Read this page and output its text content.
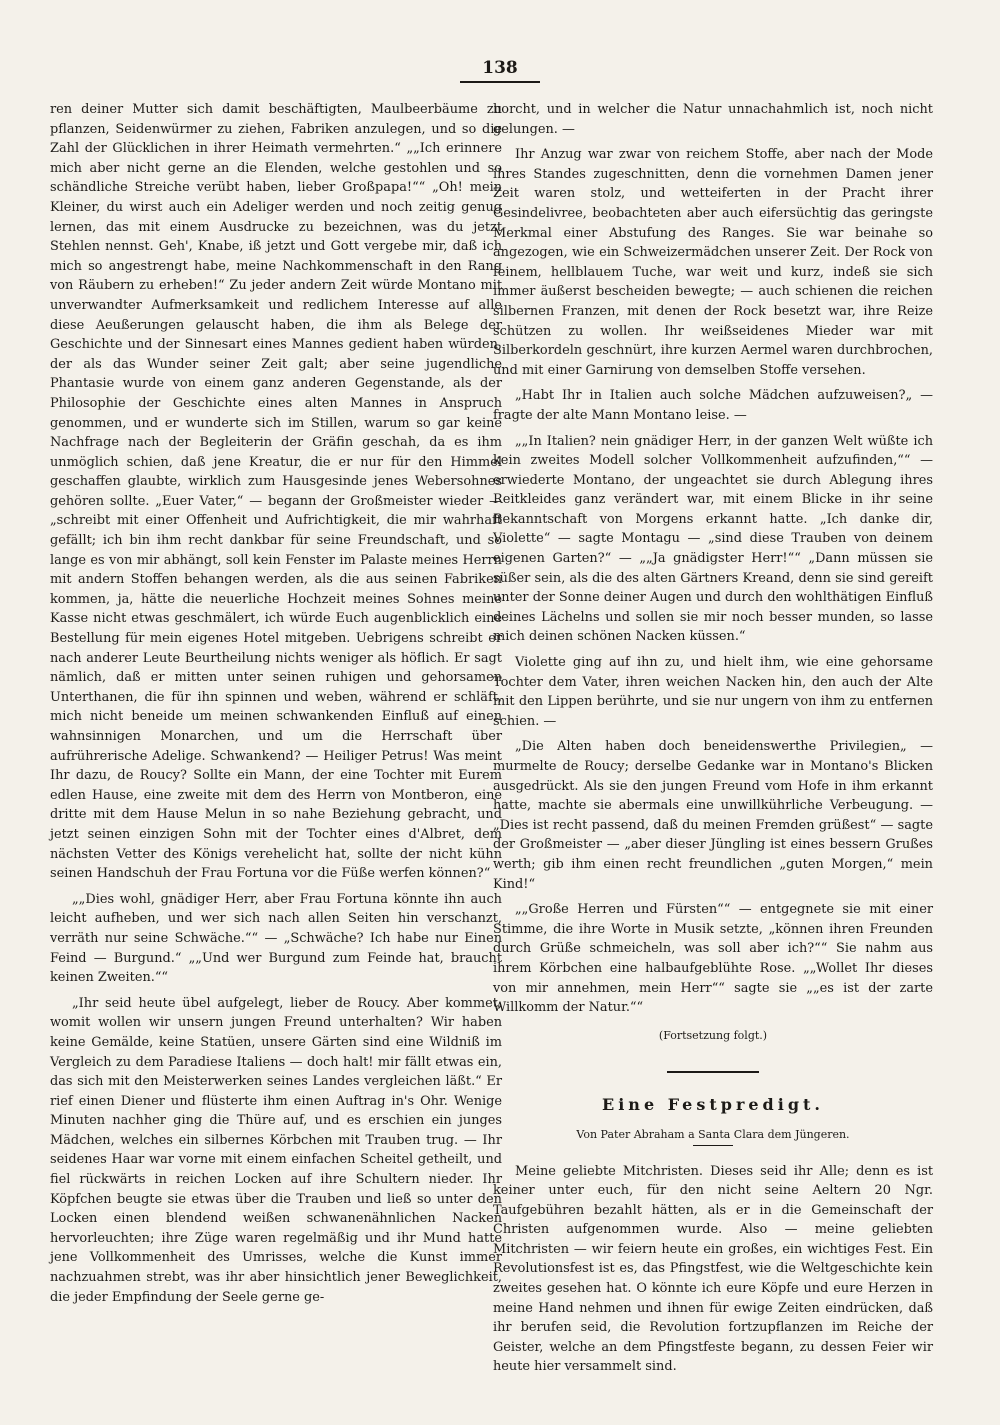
138

ren deiner Mutter sich damit beschäftigten, Maulbeerbäume zu pflanzen, Seidenwürmer zu ziehen, Fabriken anzulegen, und so die Zahl der Glücklichen in ihrer Heimath vermehrten.“ „„Ich erinnere mich aber nicht gerne an die Elenden, welche gestohlen und so schändliche Streiche verübt haben, lieber Großpapa!““ „Oh! mein Kleiner, du wirst auch ein Adeliger werden und noch zeitig genug lernen, das mit einem Ausdrucke zu bezeichnen, was du jetzt Stehlen nennst. Geh', Knabe, iß jetzt und Gott vergebe mir, daß ich mich so angestrengt habe, meine Nachkommenschaft in den Rang von Räubern zu erheben!“ Zu jeder andern Zeit würde Montano mit unverwandter Aufmerksamkeit und redlichem Interesse auf alle diese Aeußerungen gelauscht haben, die ihm als Belege der Geschichte und der Sinnesart eines Mannes gedient haben würden, der als das Wunder seiner Zeit galt; aber seine jugendliche Phantasie wurde von einem ganz anderen Gegenstande, als der Philosophie der Geschichte eines alten Mannes in Anspruch genommen, und er wunderte sich im Stillen, warum so gar keine Nachfrage nach der Begleiterin der Gräfin geschah, da es ihm unmöglich schien, daß jene Kreatur, die er nur für den Himmel geschaffen glaubte, wirklich zum Hausgesinde jenes Webersohnes gehören sollte. „Euer Vater,“ — begann der Großmeister wieder — „schreibt mit einer Offenheit und Aufrichtigkeit, die mir wahrhaft gefällt; ich bin ihm recht dankbar für seine Freundschaft, und so lange es von mir abhängt, soll kein Fenster im Palaste meines Herrn mit andern Stoffen behangen werden, als die aus seinen Fabriken kommen, ja, hätte die neuerliche Hochzeit meines Sohnes meine Kasse nicht etwas geschmälert, ich würde Euch augenblicklich eine Bestellung für mein eigenes Hotel mitgeben. Uebrigens schreibt er nach anderer Leute Beurtheilung nichts weniger als höflich. Er sagt nämlich, daß er mitten unter seinen ruhigen und gehorsamen Unterthanen, die für ihn spinnen und weben, während er schläft, mich nicht beneide um meinen schwankenden Einfluß auf einen wahnsinnigen Monarchen, und um die Herrschaft über aufrührerische Adelige. Schwankend? — Heiliger Petrus! Was meint Ihr dazu, de Roucy? Sollte ein Mann, der eine Tochter mit Eurem edlen Hause, eine zweite mit dem des Herrn von Montberon, eine dritte mit dem Hause Melun in so nahe Beziehung gebracht, und jetzt seinen einzigen Sohn mit der Tochter eines d'Albret, dem nächsten Vetter des Königs verehelicht hat, sollte der nicht kühn seinen Handschuh der Frau Fortuna vor die Füße werfen können?“

„„Dies wohl, gnädiger Herr, aber Frau Fortuna könnte ihn auch leicht aufheben, und wer sich nach allen Seiten hin verschanzt, verräth nur seine Schwäche.““ — „Schwäche? Ich habe nur Einen Feind — Burgund.“ „„Und wer Burgund zum Feinde hat, braucht keinen Zweiten.““

„Ihr seid heute übel aufgelegt, lieber de Roucy. Aber kommet, womit wollen wir unsern jungen Freund unterhalten? Wir haben keine Gemälde, keine Statüen, unsere Gärten sind eine Wildniß im Vergleich zu dem Paradiese Italiens — doch halt! mir fällt etwas ein, das sich mit den Meisterwerken seines Landes vergleichen läßt.“ Er rief einen Diener und flüsterte ihm einen Auftrag in's Ohr. Wenige Minuten nachher ging die Thüre auf, und es erschien ein junges Mädchen, welches ein silbernes Körbchen mit Trauben trug. — Ihr seidenes Haar war vorne mit einem einfachen Scheitel getheilt, und fiel rückwärts in reichen Locken auf ihre Schultern nieder. Ihr Köpfchen beugte sie etwas über die Trauben und ließ so unter den Locken einen blendend weißen schwanenähnlichen Nacken hervorleuchten; ihre Züge waren regelmäßig und ihr Mund hatte jene Vollkommenheit des Umrisses, welche die Kunst immer nachzuahmen strebt, was ihr aber hinsichtlich jener Beweglichkeit, die jeder Empfindung der Seele gerne ge-

horcht, und in welcher die Natur unnachahmlich ist, noch nicht gelungen. —

Ihr Anzug war zwar von reichem Stoffe, aber nach der Mode ihres Standes zugeschnitten, denn die vornehmen Damen jener Zeit waren stolz, und wetteiferten in der Pracht ihrer Gesindelivree, beobachteten aber auch eifersüchtig das geringste Merkmal einer Abstufung des Ranges. Sie war beinahe so angezogen, wie ein Schweizermädchen unserer Zeit. Der Rock von feinem, hellblauem Tuche, war weit und kurz, indeß sie sich immer äußerst bescheiden bewegte; — auch schienen die reichen silbernen Franzen, mit denen der Rock besetzt war, ihre Reize schützen zu wollen. Ihr weißseidenes Mieder war mit Silberkordeln geschnürt, ihre kurzen Aermel waren durchbrochen, und mit einer Garnirung von demselben Stoffe versehen.

„Habt Ihr in Italien auch solche Mädchen aufzuweisen?„ — fragte der alte Mann Montano leise. —

„„In Italien? nein gnädiger Herr, in der ganzen Welt wüßte ich kein zweites Modell solcher Vollkommenheit aufzufinden,““ — erwiederte Montano, der ungeachtet sie durch Ablegung ihres Reitkleides ganz verändert war, mit einem Blicke in ihr seine Bekanntschaft von Morgens erkannt hatte. „Ich danke dir, Violette“ — sagte Montagu — „sind diese Trauben von deinem eigenen Garten?“ — „„Ja gnädigster Herr!““ „Dann müssen sie süßer sein, als die des alten Gärtners Kreand, denn sie sind gereift unter der Sonne deiner Augen und durch den wohlthätigen Einfluß deines Lächelns und sollen sie mir noch besser munden, so lasse mich deinen schönen Nacken küssen.“

Violette ging auf ihn zu, und hielt ihm, wie eine gehorsame Tochter dem Vater, ihren weichen Nacken hin, den auch der Alte mit den Lippen berührte, und sie nur ungern von ihm zu entfernen schien. —

„Die Alten haben doch beneidenswerthe Privilegien„ — murmelte de Roucy; derselbe Gedanke war in Montano's Blicken ausgedrückt. Als sie den jungen Freund vom Hofe in ihm erkannt hatte, machte sie abermals eine unwillkührliche Verbeugung. — „Dies ist recht passend, daß du meinen Fremden grüßest“ — sagte der Großmeister — „aber dieser Jüngling ist eines bessern Grußes werth; gib ihm einen recht freundlichen „guten Morgen,“ mein Kind!“

„„Große Herren und Fürsten““ — entgegnete sie mit einer Stimme, die ihre Worte in Musik setzte, „können ihren Freunden durch Grüße schmeicheln, was soll aber ich?““ Sie nahm aus ihrem Körbchen eine halbaufgeblühte Rose. „„Wollet Ihr dieses von mir annehmen, mein Herr““ sagte sie „„es ist der zarte Willkomm der Natur.““

(Fortsetzung folgt.)

Eine Festpredigt.

Von Pater Abraham a Santa Clara dem Jüngeren.

Meine geliebte Mitchristen. Dieses seid ihr Alle; denn es ist keiner unter euch, für den nicht seine Aeltern 20 Ngr. Taufgebühren bezahlt hätten, als er in die Gemeinschaft der Christen aufgenommen wurde. Also — meine geliebten Mitchristen — wir feiern heute ein großes, ein wichtiges Fest. Ein Revolutionsfest ist es, das Pfingstfest, wie die Weltgeschichte kein zweites gesehen hat. O könnte ich eure Köpfe und eure Herzen in meine Hand nehmen und ihnen für ewige Zeiten eindrücken, daß ihr berufen seid, die Revolution fortzupflanzen im Reiche der Geister, welche an dem Pfingstfeste begann, zu dessen Feier wir heute hier versammelt sind.
